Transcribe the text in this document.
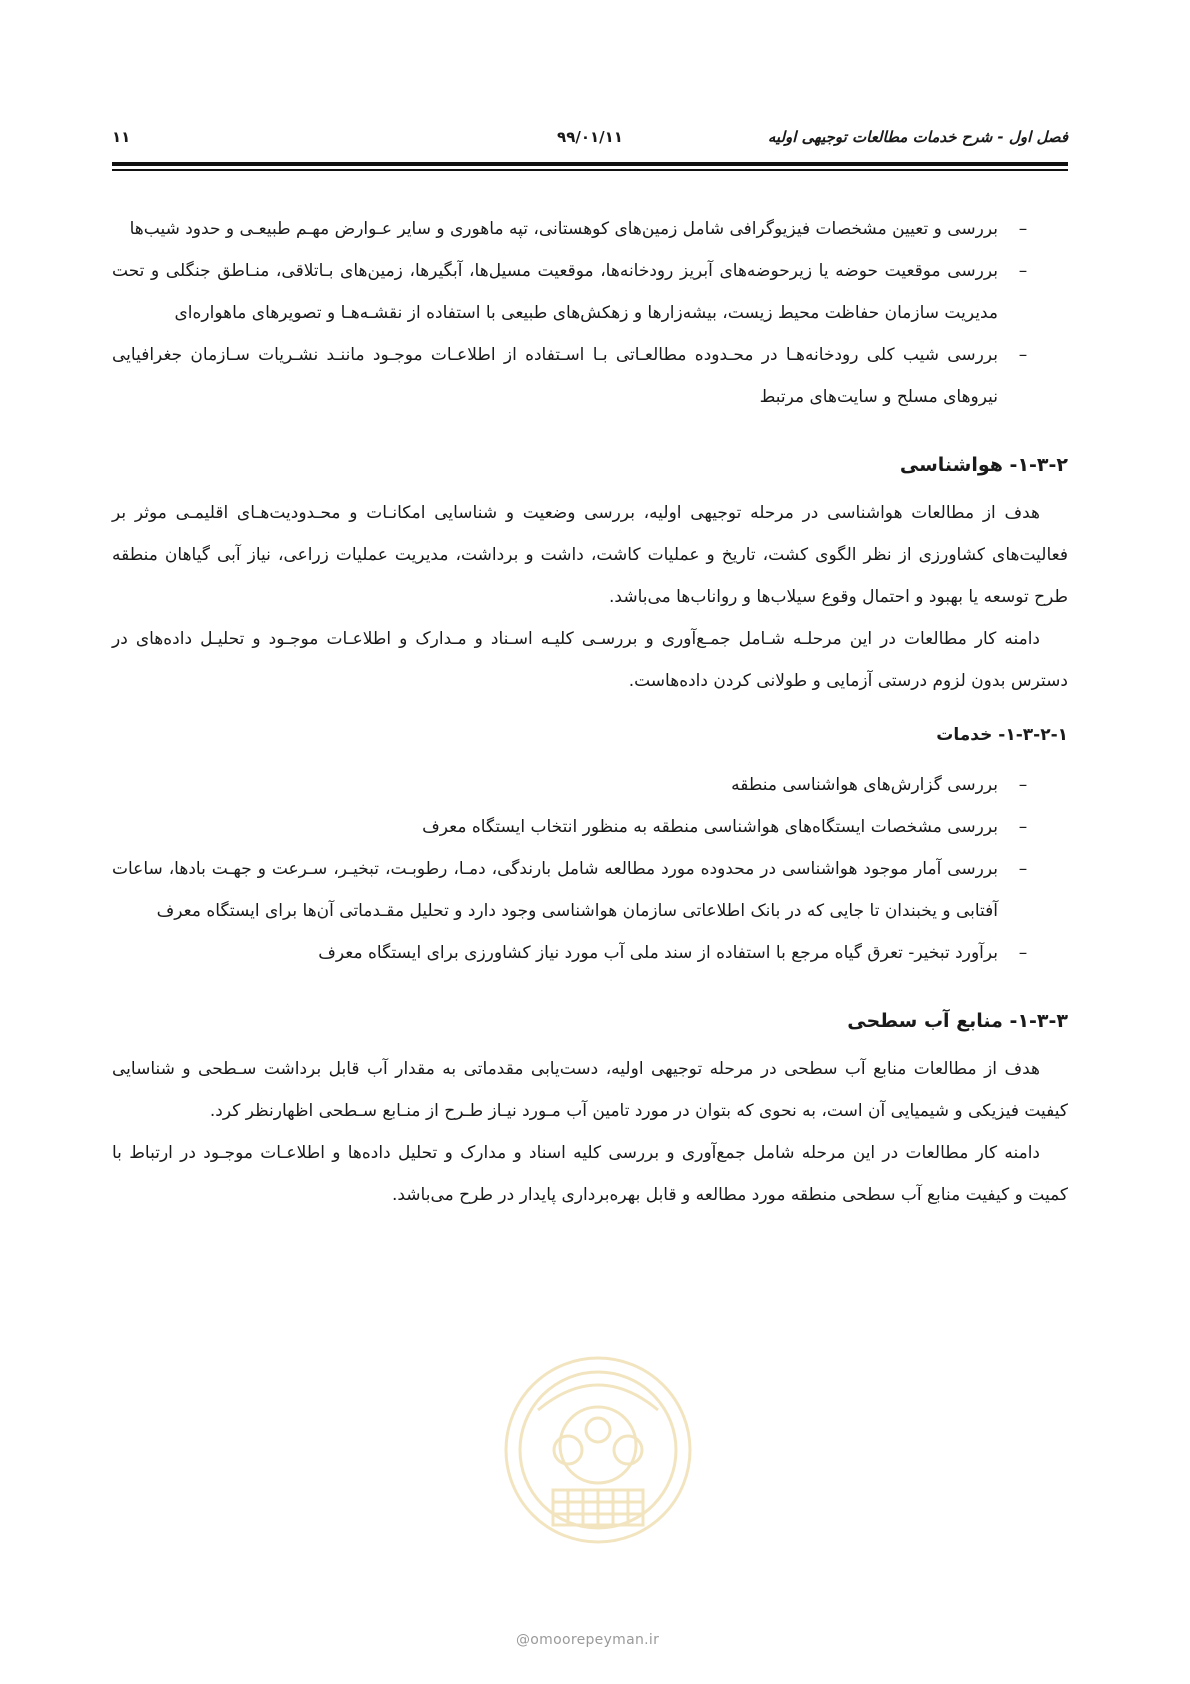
فصل اول - شرح خدمات مطالعات توجیهی اولیه
۹۹/۰۱/۱۱
۱۱
–
بررسی و تعیین مشخصات فیزیوگرافی شامل زمین‌های کوهستانی، تپه ماهوری و سایر عـوارض مهـم طبیعـی و حدود شیب‌ها
–
بررسی موقعیت حوضه یا زیرحوضه‌های آبریز رودخانه‌ها، موقعیت مسیل‌ها، آبگیرها، زمین‌های بـاتلاقی، منـاطق جنگلی و تحت مدیریت سازمان حفاظت محیط زیست، بیشه‌زارها و زهکش‌های طبیعی با استفاده از نقشـه‌هـا و تصویرهای ماهواره‌ای
–
بررسی شیب کلی رودخانه‌هـا در محـدوده مطالعـاتی بـا اسـتفاده از اطلاعـات موجـود ماننـد نشـریات سـازمان جغرافیایی نیروهای مسلح و سایت‌های مرتبط
۱-۳-۲- هواشناسی

هدف از مطالعات هواشناسی در مرحله توجیهی اولیه، بررسی وضعیت و شناسایی امکانـات و محـدودیت‌هـای اقلیمـی موثر بر فعالیت‌های کشاورزی از نظر الگوی کشت، تاریخ و عملیات کاشت، داشت و برداشت، مدیریت عملیات زراعی، نیاز آبی گیاهان منطقه طرح توسعه یا بهبود و احتمال وقوع سیلاب‌ها و رواناب‌ها می‌باشد.

دامنه کار مطالعات در این مرحلـه شـامل جمـع‌آوری و بررسـی کلیـه اسـناد و مـدارک و اطلاعـات موجـود و تحلیـل داده‌های در دسترس بدون لزوم درستی آزمایی و طولانی کردن داده‌هاست.

۱-۳-۲-۱- خدمات
–
بررسی گزارش‌های هواشناسی منطقه
–
بررسی مشخصات ایستگاه‌های هواشناسی منطقه به منظور انتخاب ایستگاه معرف
–
بررسی آمار موجود هواشناسی در محدوده مورد مطالعه شامل بارندگی، دمـا، رطوبـت، تبخیـر، سـرعت و جهـت بادها، ساعات آفتابی و یخبندان تا جایی که در بانک اطلاعاتی سازمان هواشناسی وجود دارد و تحلیل مقـدماتی آن‌ها برای ایستگاه معرف
–
برآورد تبخیر- تعرق گیاه مرجع با استفاده از سند ملی آب مورد نیاز کشاورزی برای ایستگاه معرف
۱-۳-۳- منابع آب سطحی

هدف از مطالعات منابع آب سطحی در مرحله توجیهی اولیه، دست‌یابی مقدماتی به مقدار آب قابل برداشت سـطحی و شناسایی کیفیت فیزیکی و شیمیایی آن است، به نحوی که بتوان در مورد تامین آب مـورد نیـاز طـرح از منـابع سـطحی اظهارنظر کرد.

دامنه کار مطالعات در این مرحله شامل جمع‌آوری و بررسی کلیه اسناد و مدارک و تحلیل داده‌ها و اطلاعـات موجـود در ارتباط با کمیت و کیفیت منابع آب سطحی منطقه مورد مطالعه و قابل بهره‌برداری پایدار در طرح می‌باشد.

@omoorepeyman.ir
